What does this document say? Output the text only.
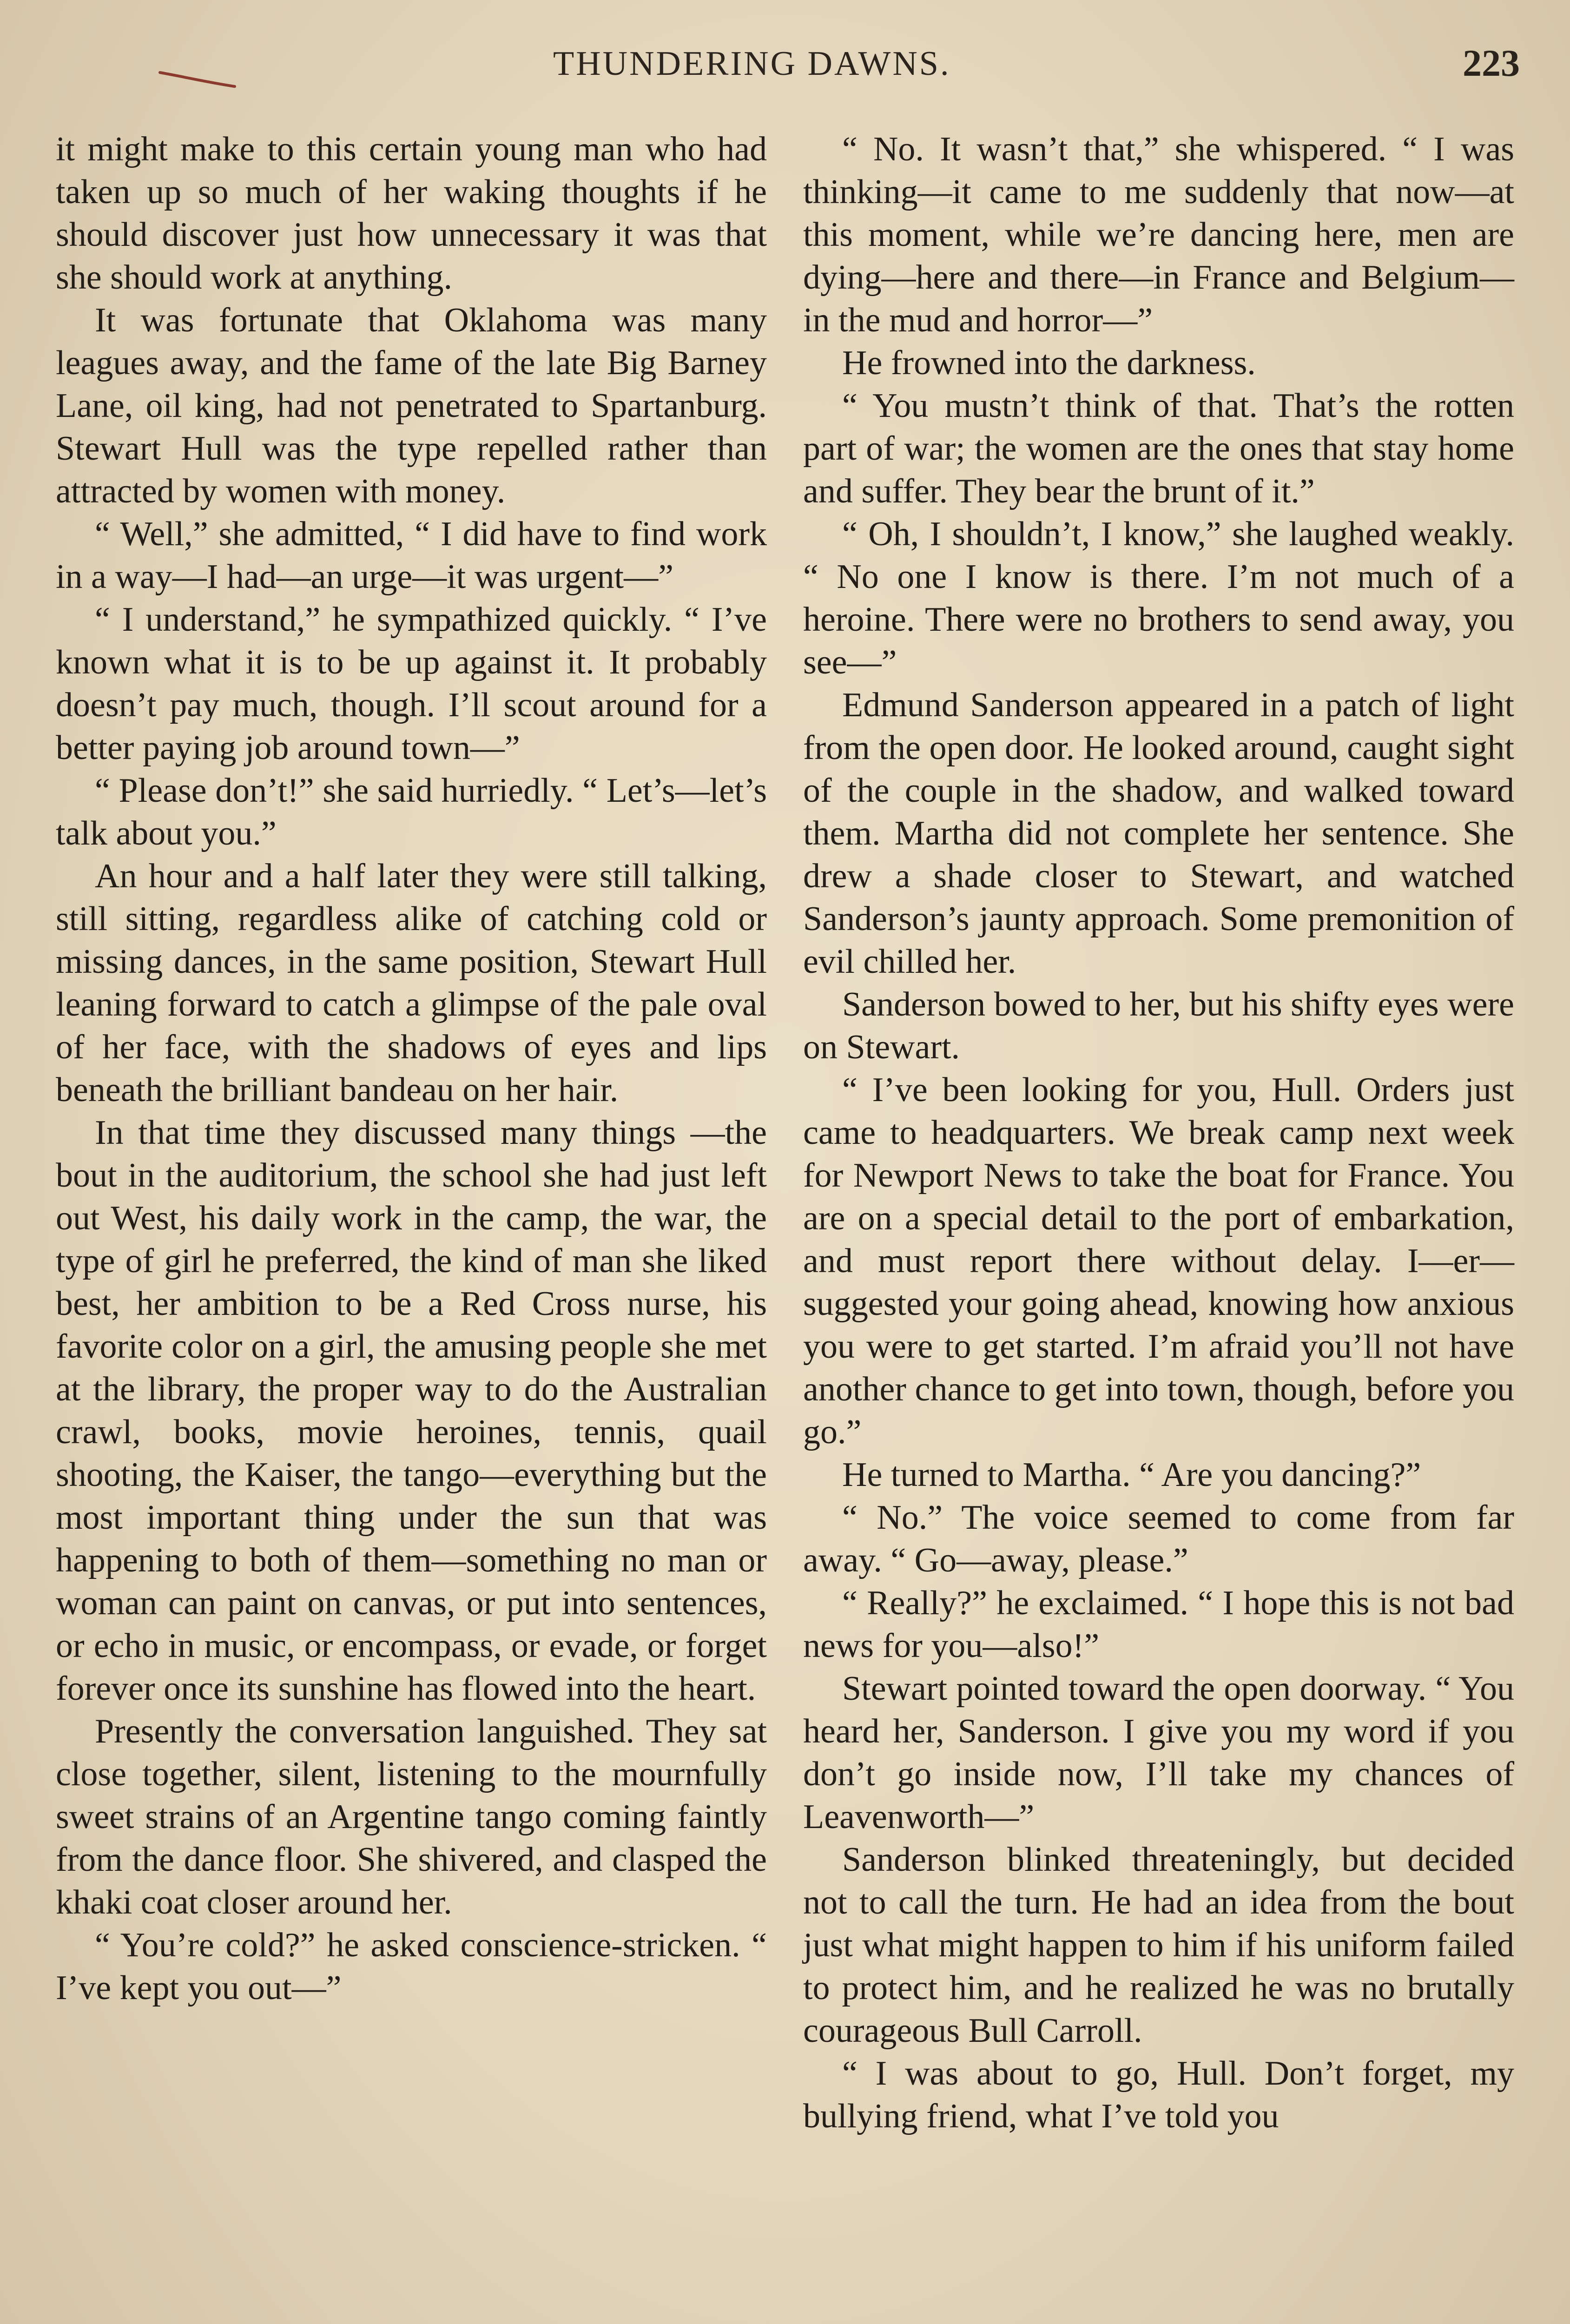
THUNDERING DAWNS.	223

it might make to this certain young man who had taken up so much of her waking thoughts if he should discover just how unnecessary it was that she should work at anything.

It was fortunate that Oklahoma was many leagues away, and the fame of the late Big Barney Lane, oil king, had not penetrated to Spartanburg. Stewart Hull was the type repelled rather than attracted by women with money.

“ Well,” she admitted, “ I did have to find work in a way—I had—an urge—it was urgent—”

“ I understand,” he sympathized quickly. “ I’ve known what it is to be up against it. It probably doesn’t pay much, though. I’ll scout around for a better paying job around town—”

“ Please don’t!” she said hurriedly. “ Let’s—let’s talk about you.”

An hour and a half later they were still talking, still sitting, regardless alike of catching cold or missing dances, in the same position, Stewart Hull leaning forward to catch a glimpse of the pale oval of her face, with the shadows of eyes and lips beneath the brilliant bandeau on her hair.

In that time they discussed many things —the bout in the auditorium, the school she had just left out West, his daily work in the camp, the war, the type of girl he preferred, the kind of man she liked best, her ambition to be a Red Cross nurse, his favorite color on a girl, the amusing people she met at the library, the proper way to do the Australian crawl, books, movie heroines, tennis, quail shooting, the Kaiser, the tango—everything but the most important thing under the sun that was happening to both of them—something no man or woman can paint on canvas, or put into sentences, or echo in music, or encompass, or evade, or forget forever once its sunshine has flowed into the heart.

Presently the conversation languished. They sat close together, silent, listening to the mournfully sweet strains of an Argentine tango coming faintly from the dance floor. She shivered, and clasped the khaki coat closer around her.

“ You’re cold?” he asked conscience-stricken. “ I’ve kept you out—”

“ No. It wasn’t that,” she whispered. “ I was thinking—it came to me suddenly that now—at this moment, while we’re dancing here, men are dying—here and there—in France and Belgium—in the mud and horror—”

He frowned into the darkness.

“ You mustn’t think of that. That’s the rotten part of war; the women are the ones that stay home and suffer. They bear the brunt of it.”

“ Oh, I shouldn’t, I know,” she laughed weakly. “ No one I know is there. I’m not much of a heroine. There were no brothers to send away, you see—”

Edmund Sanderson appeared in a patch of light from the open door. He looked around, caught sight of the couple in the shadow, and walked toward them. Martha did not complete her sentence. She drew a shade closer to Stewart, and watched Sanderson’s jaunty approach. Some premonition of evil chilled her.

Sanderson bowed to her, but his shifty eyes were on Stewart.

“ I’ve been looking for you, Hull. Orders just came to headquarters. We break camp next week for Newport News to take the boat for France. You are on a special detail to the port of embarkation, and must report there without delay. I—er—suggested your going ahead, knowing how anxious you were to get started. I’m afraid you’ll not have another chance to get into town, though, before you go.”

He turned to Martha. “ Are you dancing?”

“ No.” The voice seemed to come from far away. “ Go—away, please.”

“ Really?” he exclaimed. “ I hope this is not bad news for you—also!”

Stewart pointed toward the open doorway. “ You heard her, Sanderson. I give you my word if you don’t go inside now, I’ll take my chances of Leavenworth—”

Sanderson blinked threateningly, but decided not to call the turn. He had an idea from the bout just what might happen to him if his uniform failed to protect him, and he realized he was no brutally courageous Bull Carroll.

“ I was about to go, Hull. Don’t forget, my bullying friend, what I’ve told you
